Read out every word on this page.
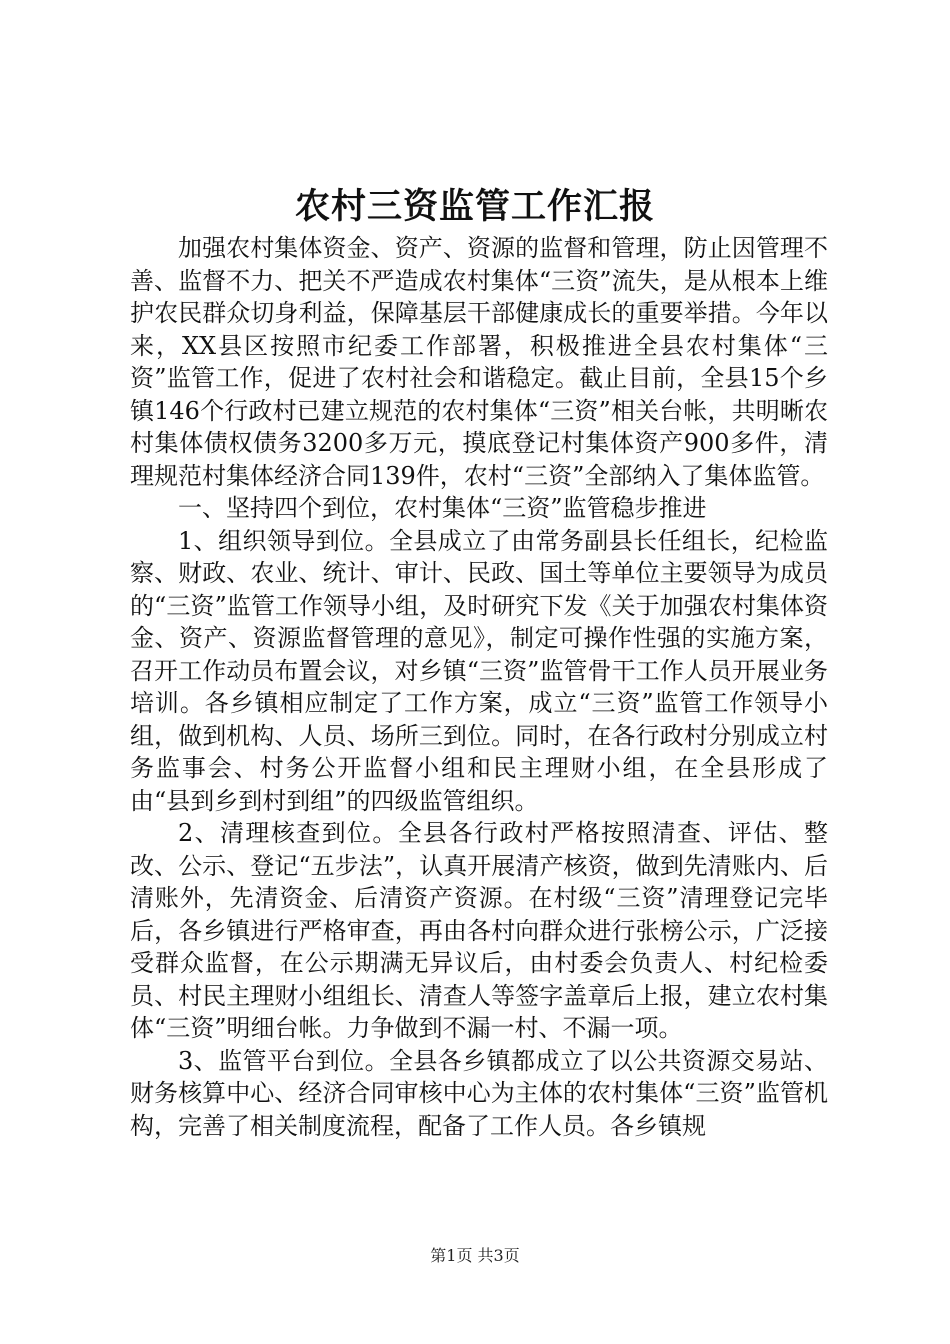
农村三资监管工作汇报

加强农村集体资金、资产、资源的监督和管理，防止因管理不善、监督不力、把关不严造成农村集体“三资”流失，是从根本上维护农民群众切身利益，保障基层干部健康成长的重要举措。今年以来，XX县区按照市纪委工作部署，积极推进全县农村集体“三资”监管工作，促进了农村社会和谐稳定。截止目前，全县15个乡镇146个行政村已建立规范的农村集体“三资”相关台帐，共明晰农村集体债权债务3200多万元，摸底登记村集体资产900多件，清理规范村集体经济合同139件，农村“三资”全部纳入了集体监管。

一、坚持四个到位，农村集体“三资”监管稳步推进

1、组织领导到位。全县成立了由常务副县长任组长，纪检监察、财政、农业、统计、审计、民政、国土等单位主要领导为成员的“三资”监管工作领导小组，及时研究下发《关于加强农村集体资金、资产、资源监督管理的意见》，制定可操作性强的实施方案，召开工作动员布置会议，对乡镇“三资”监管骨干工作人员开展业务培训。各乡镇相应制定了工作方案，成立“三资”监管工作领导小组，做到机构、人员、场所三到位。同时，在各行政村分别成立村务监事会、村务公开监督小组和民主理财小组，在全县形成了由“县到乡到村到组”的四级监管组织。

2、清理核查到位。全县各行政村严格按照清查、评估、整改、公示、登记“五步法”，认真开展清产核资，做到先清账内、后清账外，先清资金、后清资产资源。在村级“三资”清理登记完毕后，各乡镇进行严格审查，再由各村向群众进行张榜公示，广泛接受群众监督，在公示期满无异议后，由村委会负责人、村纪检委员、村民主理财小组组长、清查人等签字盖章后上报，建立农村集体“三资”明细台帐。力争做到不漏一村、不漏一项。

3、监管平台到位。全县各乡镇都成立了以公共资源交易站、财务核算中心、经济合同审核中心为主体的农村集体“三资”监管机构，完善了相关制度流程，配备了工作人员。各乡镇规

第1页 共3页
